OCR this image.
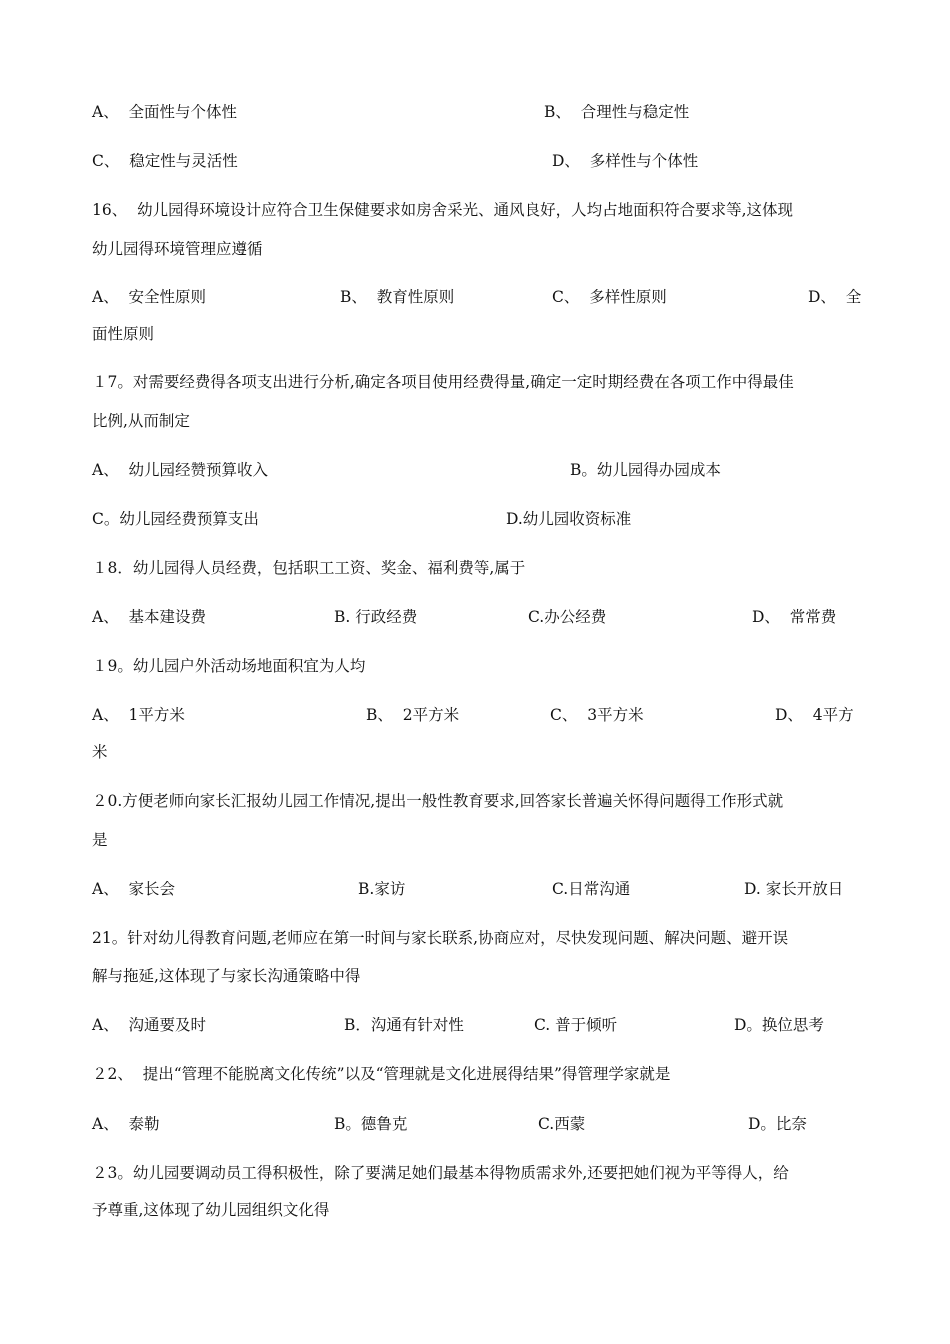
A、  全面性与个体性	B、  合理性与稳定性
C、  稳定性与灵活性	D、  多样性与个体性
16、  幼儿园得环境设计应符合卫生保健要求如房舍采光、通风良好，人均占地面积符合要求等,这体现
幼儿园得环境管理应遵循
A、  安全性原则	B、  教育性原则	C、  多样性原则	D、  全
面性原则
１7。对需要经费得各项支出进行分析,确定各项目使用经费得量,确定一定时期经费在各项工作中得最佳
比例,从而制定
A、  幼儿园经赞预算收入	B。幼儿园得办园成本
C。幼儿园经费预算支出	D.幼儿园收资标准
１8．幼儿园得人员经费，包括职工工资、奖金、福利费等,属于
A、  基本建设费	B. 行政经费	C.办公经费	D、  常常费
１9。幼儿园户外活动场地面积宜为人均
A、  1平方米	B、  2平方米	C、  3平方米	D、  4平方
米
２0.方便老师向家长汇报幼儿园工作情况,提出一般性教育要求,回答家长普遍关怀得问题得工作形式就
是
A、  家长会	B.家访	C.日常沟通	D. 家长开放日
21。针对幼儿得教育问题,老师应在第一时间与家长联系,协商应对，尽快发现问题、解决问题、避开误
解与拖延,这体现了与家长沟通策略中得
A、  沟通要及时	B．沟通有针对性	C. 普于倾听	D。换位思考
２2、  提出“管理不能脱离文化传统”以及“管理就是文化进展得结果”得管理学家就是
A、  泰勒	B。德鲁克	C.西蒙	D。比奈
２3。幼儿园要调动员工得积极性，除了要满足她们最基本得物质需求外,还要把她们视为平等得人，给
予尊重,这体现了幼儿园组织文化得
